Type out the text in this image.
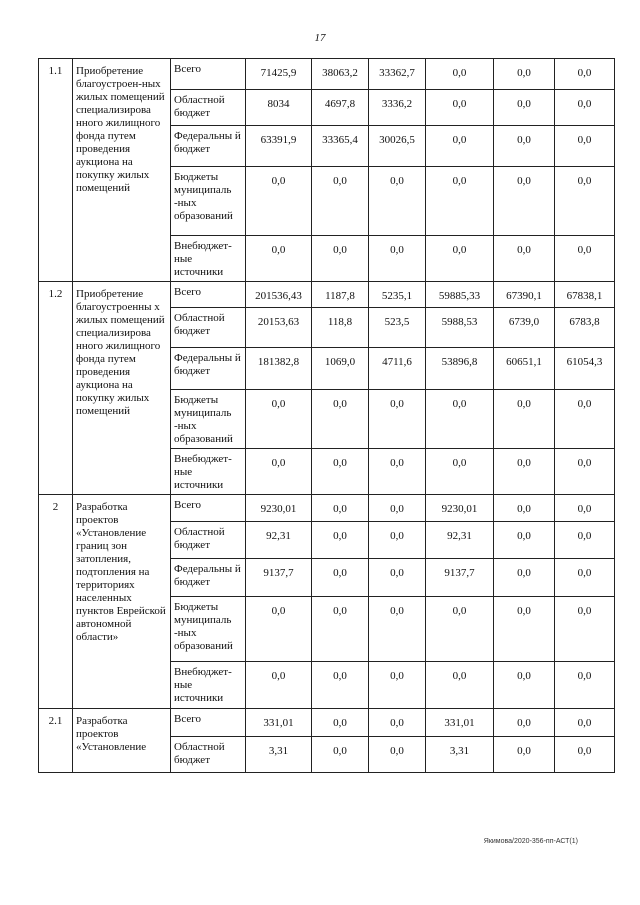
17
1.1	Приобретение благоустроен-ных жилых помещений специализирова нного жилищного фонда путем проведения аукциона на покупку жилых помещений	Всего	71425,9	38063,2	33362,7	0,0	0,0	0,0
		Областной бюджет	8034	4697,8	3336,2	0,0	0,0	0,0
		Федеральны й бюджет	63391,9	33365,4	30026,5	0,0	0,0	0,0
		Бюджеты муниципаль -ных образований	0,0	0,0	0,0	0,0	0,0	0,0
		Внебюджет-ные источники	0,0	0,0	0,0	0,0	0,0	0,0
1.2	Приобретение благоустроенны х жилых помещений специализирова нного жилищного фонда путем проведения аукциона на покупку жилых помещений	Всего	201536,43	1187,8	5235,1	59885,33	67390,1	67838,1
		Областной бюджет	20153,63	118,8	523,5	5988,53	6739,0	6783,8
		Федеральны й бюджет	181382,8	1069,0	4711,6	53896,8	60651,1	61054,3
		Бюджеты муниципаль -ных образований	0,0	0,0	0,0	0,0	0,0	0,0
		Внебюджет-ные источники	0,0	0,0	0,0	0,0	0,0	0,0
2	Разработка проектов «Установление границ зон затопления, подтопления на территориях населенных пунктов Еврейской автономной области»	Всего	9230,01	0,0	0,0	9230,01	0,0	0,0
		Областной бюджет	92,31	0,0	0,0	92,31	0,0	0,0
		Федеральны й бюджет	9137,7	0,0	0,0	9137,7	0,0	0,0
		Бюджеты муниципаль -ных образований	0,0	0,0	0,0	0,0	0,0	0,0
		Внебюджет-ные источники	0,0	0,0	0,0	0,0	0,0	0,0
2.1	Разработка проектов «Установление	Всего	331,01	0,0	0,0	331,01	0,0	0,0
		Областной бюджет	3,31	0,0	0,0	3,31	0,0	0,0
Якимова/2020-356-пп-АСТ(1)
